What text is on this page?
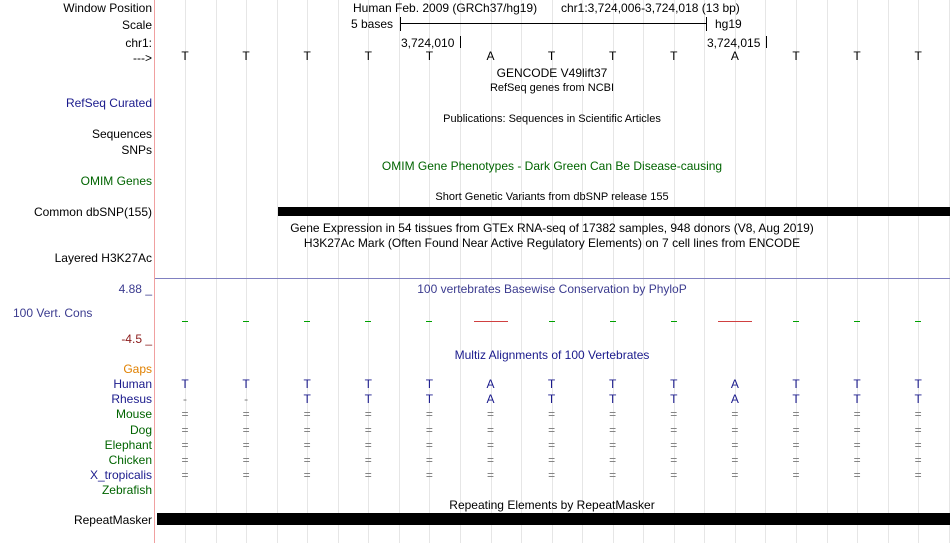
Window Position	Human Feb. 2009 (GRCh37/hg19) chr1:3,724,006-3,724,018 (13 bp)
Scale	5 bases	hg19
chr1:	3,724,010	3,724,015
---> T	T	T	T	T	A	T	T	T	A	T	T	T
GENCODE V49lift37
RefSeq genes from NCBI
RefSeq Curated
Publications: Sequences in Scientific Articles
Sequences
SNPs
OMIM Gene Phenotypes - Dark Green Can Be Disease-causing
OMIM Genes
Short Genetic Variants from dbSNP release 155
Common dbSNP(155)
Gene Expression in 54 tissues from GTEx RNA-seq of 17382 samples, 948 donors (V8, Aug 2019)
H3K27Ac Mark (Often Found Near Active Regulatory Elements) on 7 cell lines from ENCODE
Layered H3K27Ac
4.88 _	100 vertebrates Basewise Conservation by PhyloP
100 Vert. Cons
-4.5 _
Multiz Alignments of 100 Vertebrates
Gaps
Human T	T	T	T	T	A	T	T	T	A	T	T	T
Rhesus	-	-	T	T	T	A	T	T	T	A	T	T	T
Mouse =	=	=	=	=	=	=	=	=	=	=	=	=
Dog =	=	=	=	=	=	=	=	=	=	=	=	=
Elephant =	=	=	=	=	=	=	=	=	=	=	=	=
Chicken =	=	=	=	=	=	=	=	=	=	=	=	=
X_tropicalis =	=	=	=	=	=	=	=	=	=	=	=	=
Zebrafish
Repeating Elements by RepeatMasker
RepeatMasker
